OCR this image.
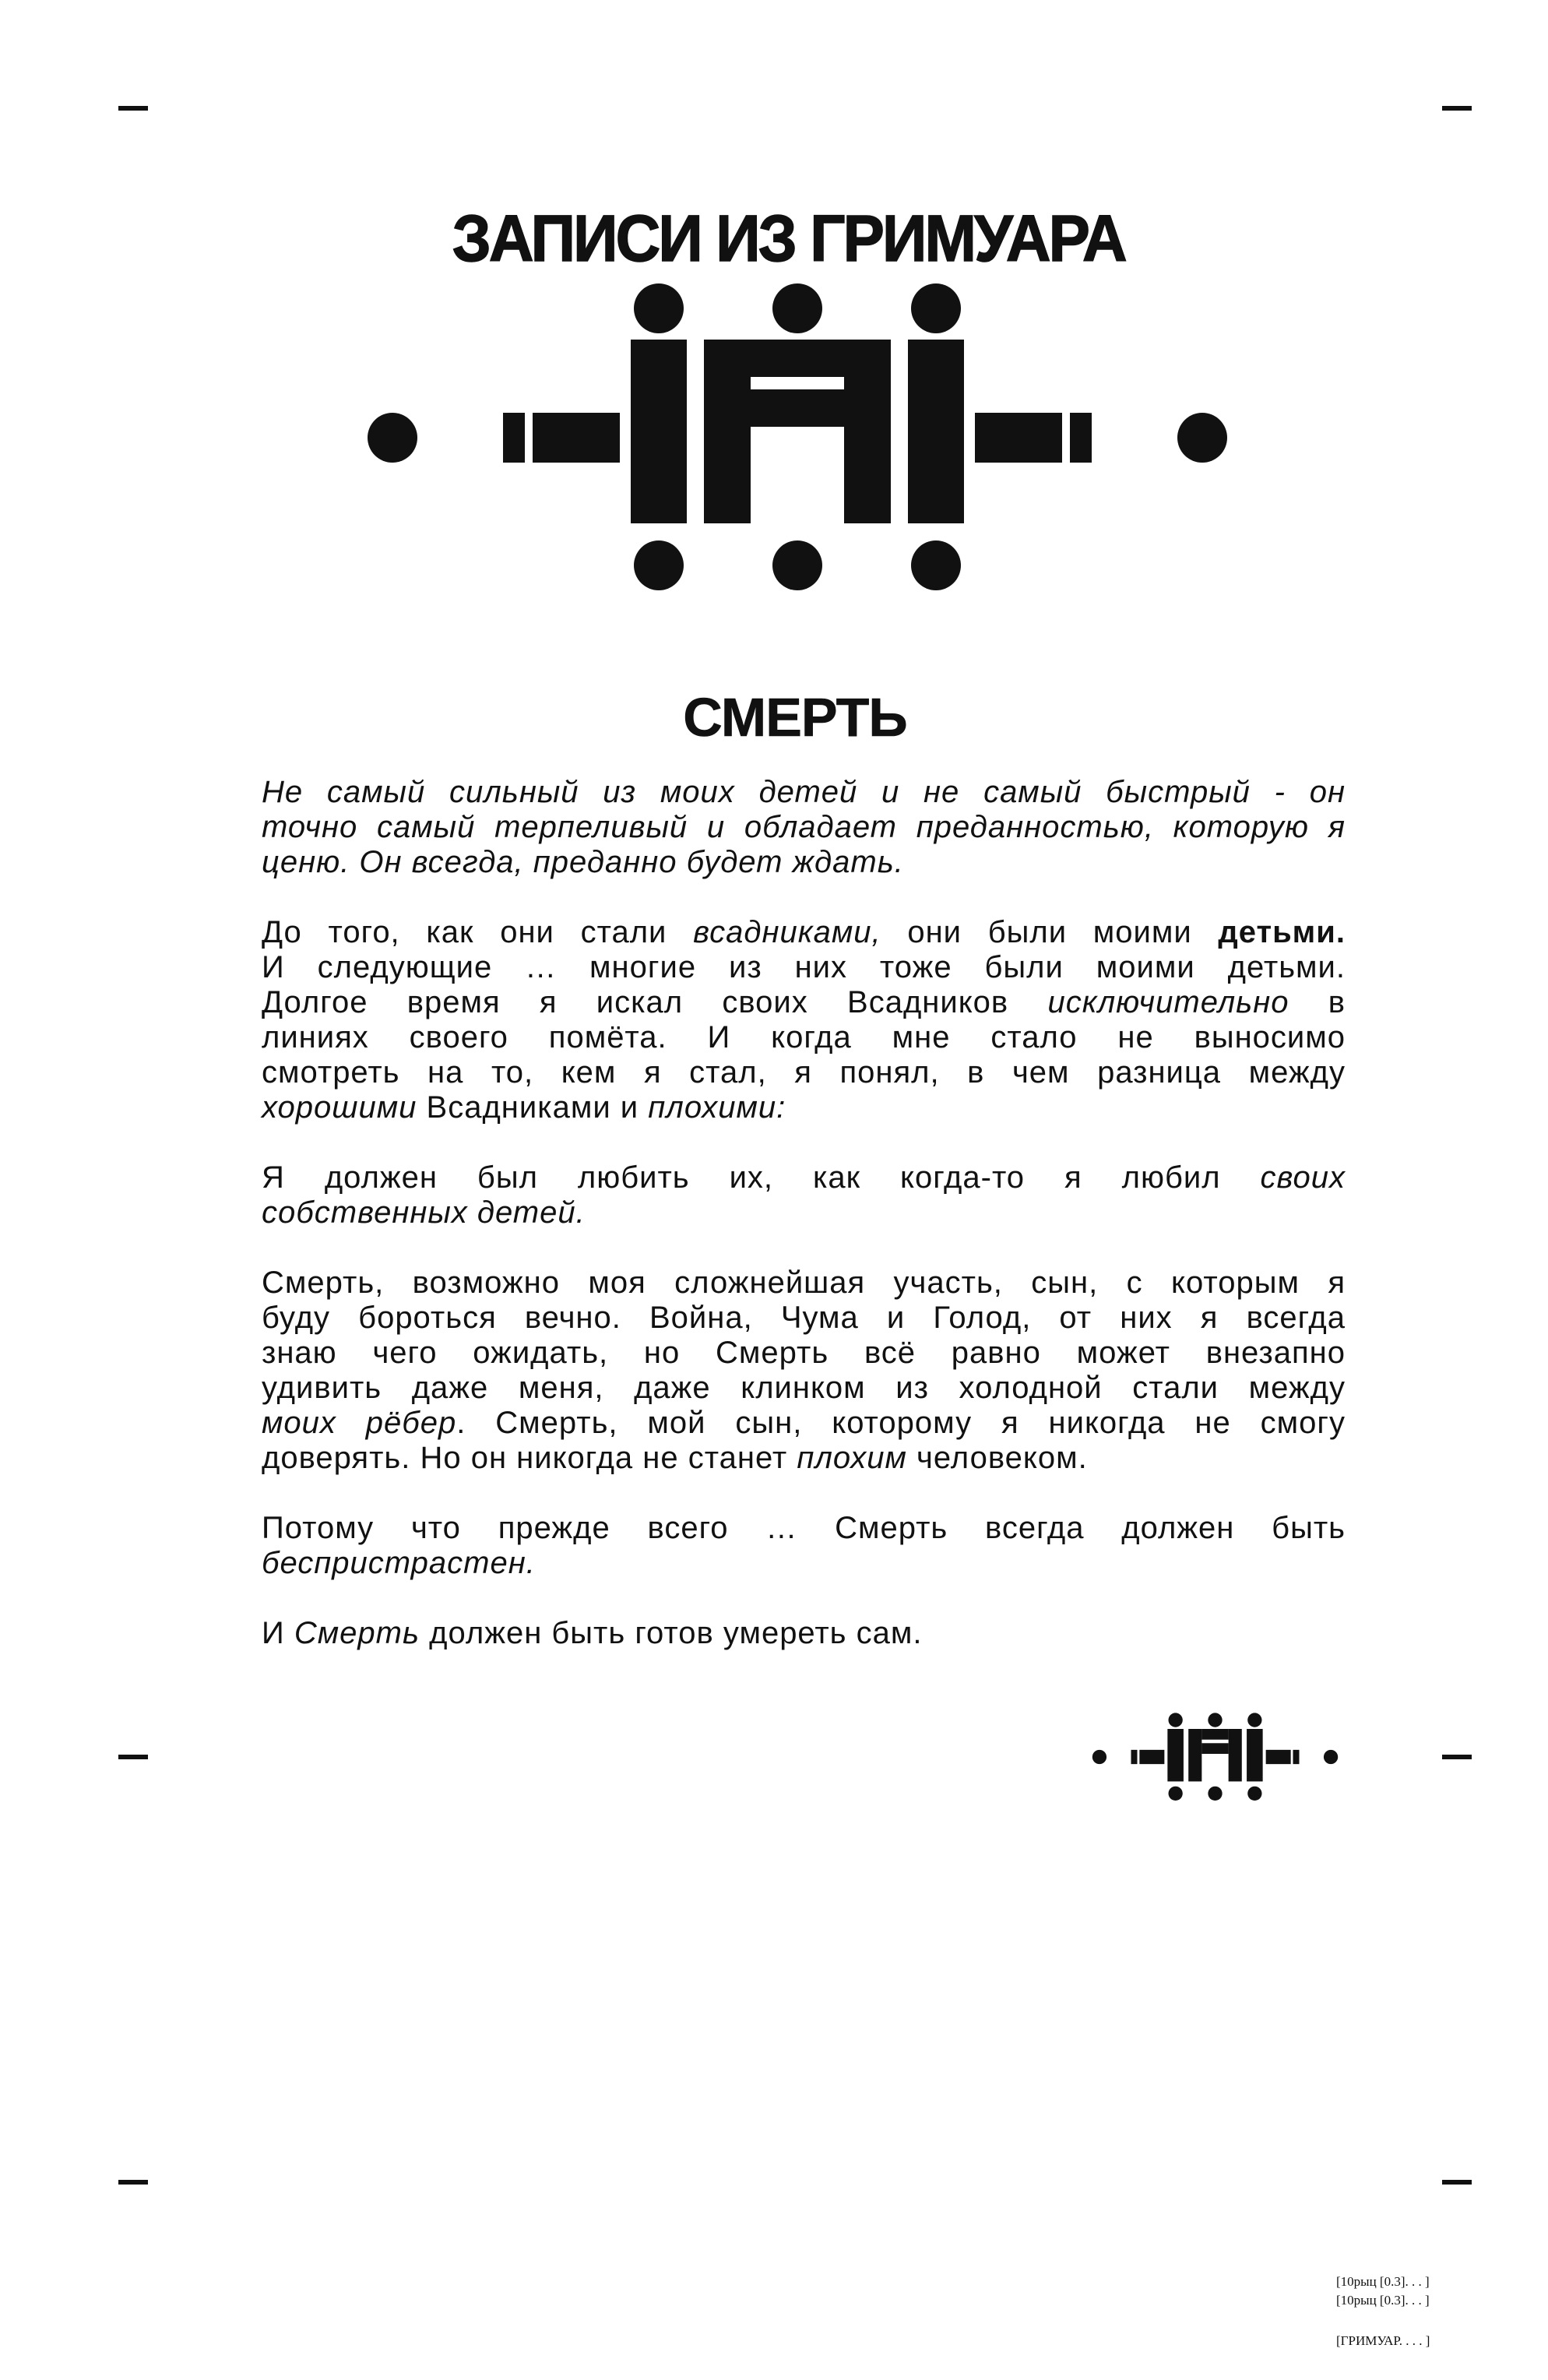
ЗАПИСИ ИЗ ГРИМУАРА
СМЕРТЬ
Не самый сильный из моих детей и не самый быстрый - он
точно самый терпеливый и обладает преданностью, которую я
ценю. Он всегда, преданно будет ждать.
До того, как они стали всадниками, они были моими детьми.
И следующие … многие из них тоже были моими детьми.
Долгое время я искал своих Всадников исключительно в
линиях своего помёта. И когда мне стало не выносимо
смотреть на то, кем я стал, я понял, в чем разница между
хорошими Всадниками и плохими:
Я должен был любить их, как когда-то я любил своих
собственных детей.
Смерть, возможно моя сложнейшая участь, сын, с которым я
буду бороться вечно. Война, Чума и Голод, от них я всегда
знаю чего ожидать, но Смерть всё равно может внезапно
удивить даже меня, даже клинком из холодной стали между
моих рёбер. Смерть, мой сын, которому я никогда не смогу
доверять. Но он никогда не станет плохим человеком.
Потому что прежде всего … Смерть всегда должен быть
беспристрастен.
И Смерть должен быть готов умереть сам.
[10рыц [0.3]. . . ]
[10рыц [0.3]. . . ]
[ГРИМУАР. . . . ]
